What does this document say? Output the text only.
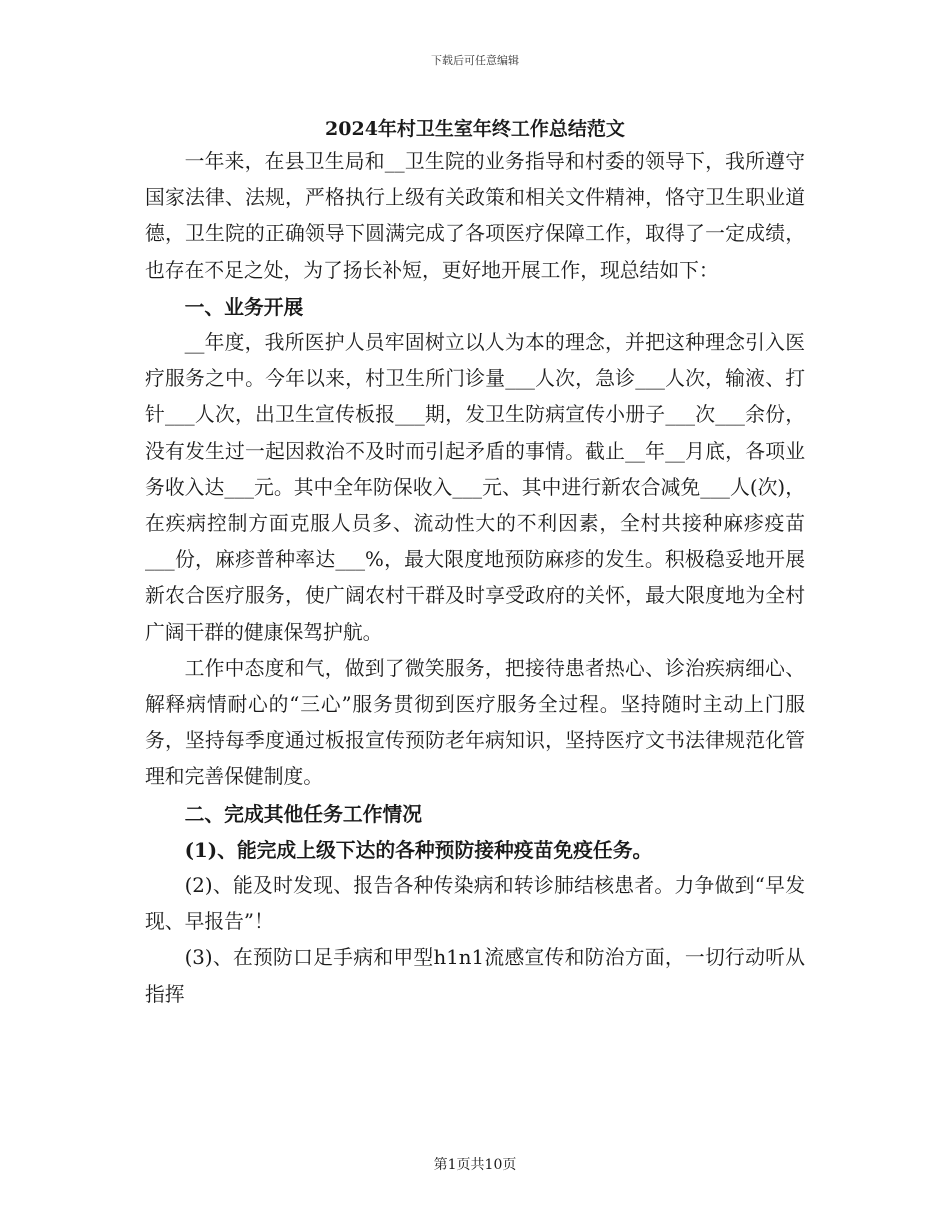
下载后可任意编辑
2024年村卫生室年终工作总结范文

一年来，在县卫生局和__卫生院的业务指导和村委的领导下，我所遵守国家法律、法规，严格执行上级有关政策和相关文件精神，恪守卫生职业道德，卫生院的正确领导下圆满完成了各项医疗保障工作，取得了一定成绩，也存在不足之处，为了扬长补短，更好地开展工作，现总结如下：

一、业务开展

__年度，我所医护人员牢固树立以人为本的理念，并把这种理念引入医疗服务之中。今年以来，村卫生所门诊量___人次，急诊___人次，输液、打针___人次，出卫生宣传板报___期，发卫生防病宣传小册子___次___余份，没有发生过一起因救治不及时而引起矛盾的事情。截止__年__月底，各项业务收入达___元。其中全年防保收入___元、其中进行新农合减免___人(次)，在疾病控制方面克服人员多、流动性大的不利因素，全村共接种麻疹疫苗___份，麻疹普种率达___%，最大限度地预防麻疹的发生。积极稳妥地开展新农合医疗服务，使广阔农村干群及时享受政府的关怀，最大限度地为全村广阔干群的健康保驾护航。

工作中态度和气，做到了微笑服务，把接待患者热心、诊治疾病细心、解释病情耐心的“三心”服务贯彻到医疗服务全过程。坚持随时主动上门服务，坚持每季度通过板报宣传预防老年病知识，坚持医疗文书法律规范化管理和完善保健制度。

二、完成其他任务工作情况

(1)、能完成上级下达的各种预防接种疫苗免疫任务。

(2)、能及时发现、报告各种传染病和转诊肺结核患者。力争做到“早发现、早报告”！

(3)、在预防口足手病和甲型h1n1流感宣传和防治方面，一切行动听从指挥

第1页共10页
